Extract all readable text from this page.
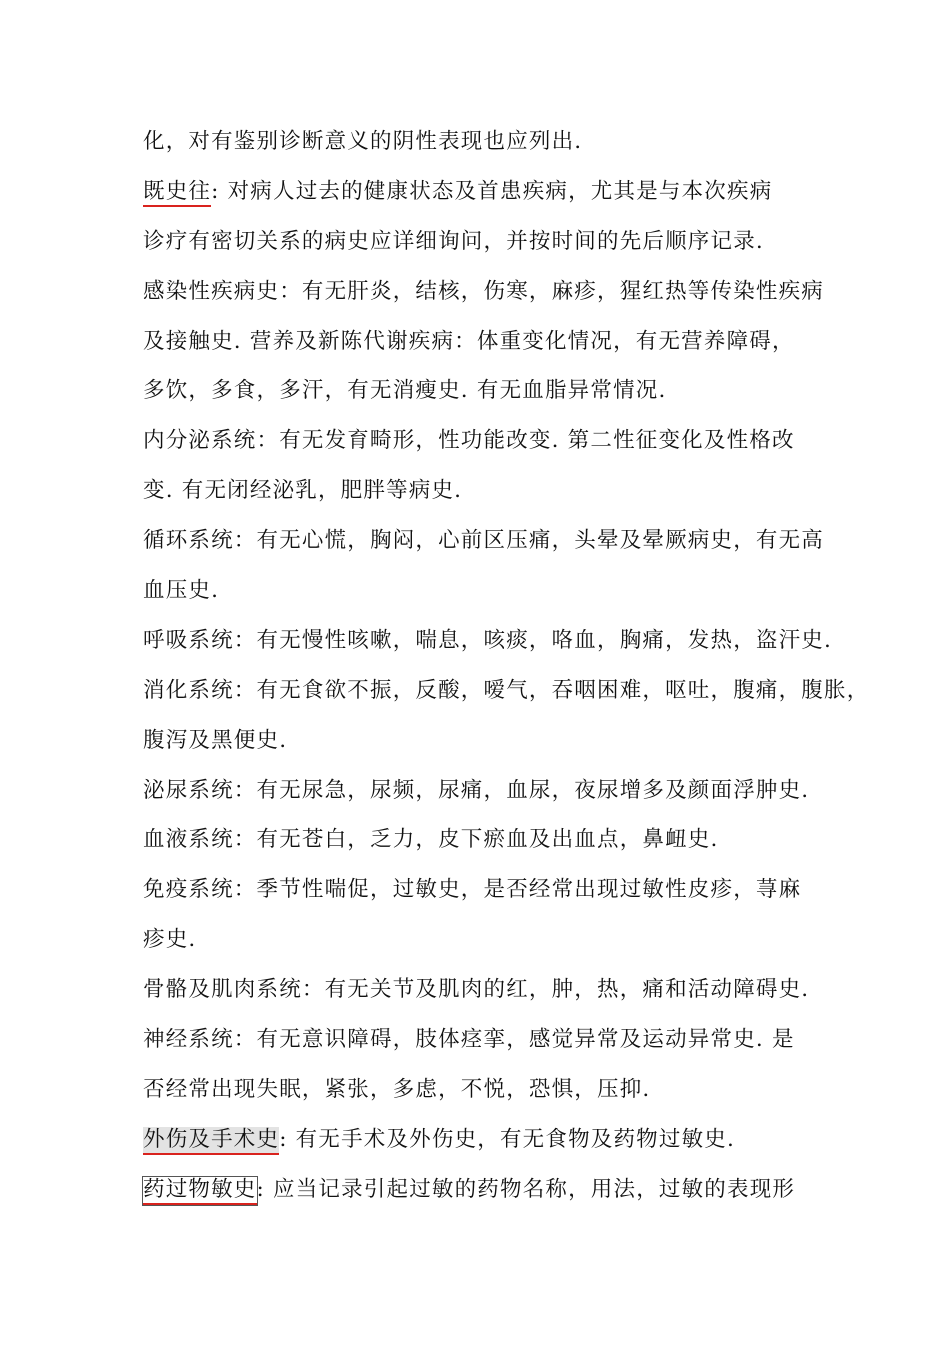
化，对有鉴别诊断意义的阴性表现也应列出.
既史往: 对病人过去的健康状态及首患疾病，尤其是与本次疾病
诊疗有密切关系的病史应详细询问，并按时间的先后顺序记录.
感染性疾病史：有无肝炎，结核，伤寒，麻疹，猩红热等传染性疾病
及接触史. 营养及新陈代谢疾病：体重变化情况，有无营养障碍，
多饮，多食，多汗，有无消瘦史. 有无血脂异常情况.
内分泌系统：有无发育畸形，性功能改变. 第二性征变化及性格改
变. 有无闭经泌乳，肥胖等病史.
循环系统：有无心慌，胸闷，心前区压痛，头晕及晕厥病史，有无高
血压史.
呼吸系统：有无慢性咳嗽，喘息，咳痰，咯血，胸痛，发热，盗汗史.
消化系统：有无食欲不振，反酸，嗳气，吞咽困难，呕吐，腹痛，腹胀，
腹泻及黑便史.
泌尿系统：有无尿急，尿频，尿痛，血尿，夜尿增多及颜面浮肿史.
血液系统：有无苍白，乏力，皮下瘀血及出血点，鼻衄史.
免疫系统：季节性喘促，过敏史，是否经常出现过敏性皮疹，荨麻
疹史.
骨骼及肌肉系统：有无关节及肌肉的红，肿，热，痛和活动障碍史.
神经系统：有无意识障碍，肢体痉挛，感觉异常及运动异常史. 是
否经常出现失眠，紧张，多虑，不悦，恐惧，压抑.
外伤及手术史: 有无手术及外伤史，有无食物及药物过敏史.
药过物敏史: 应当记录引起过敏的药物名称，用法，过敏的表现形
